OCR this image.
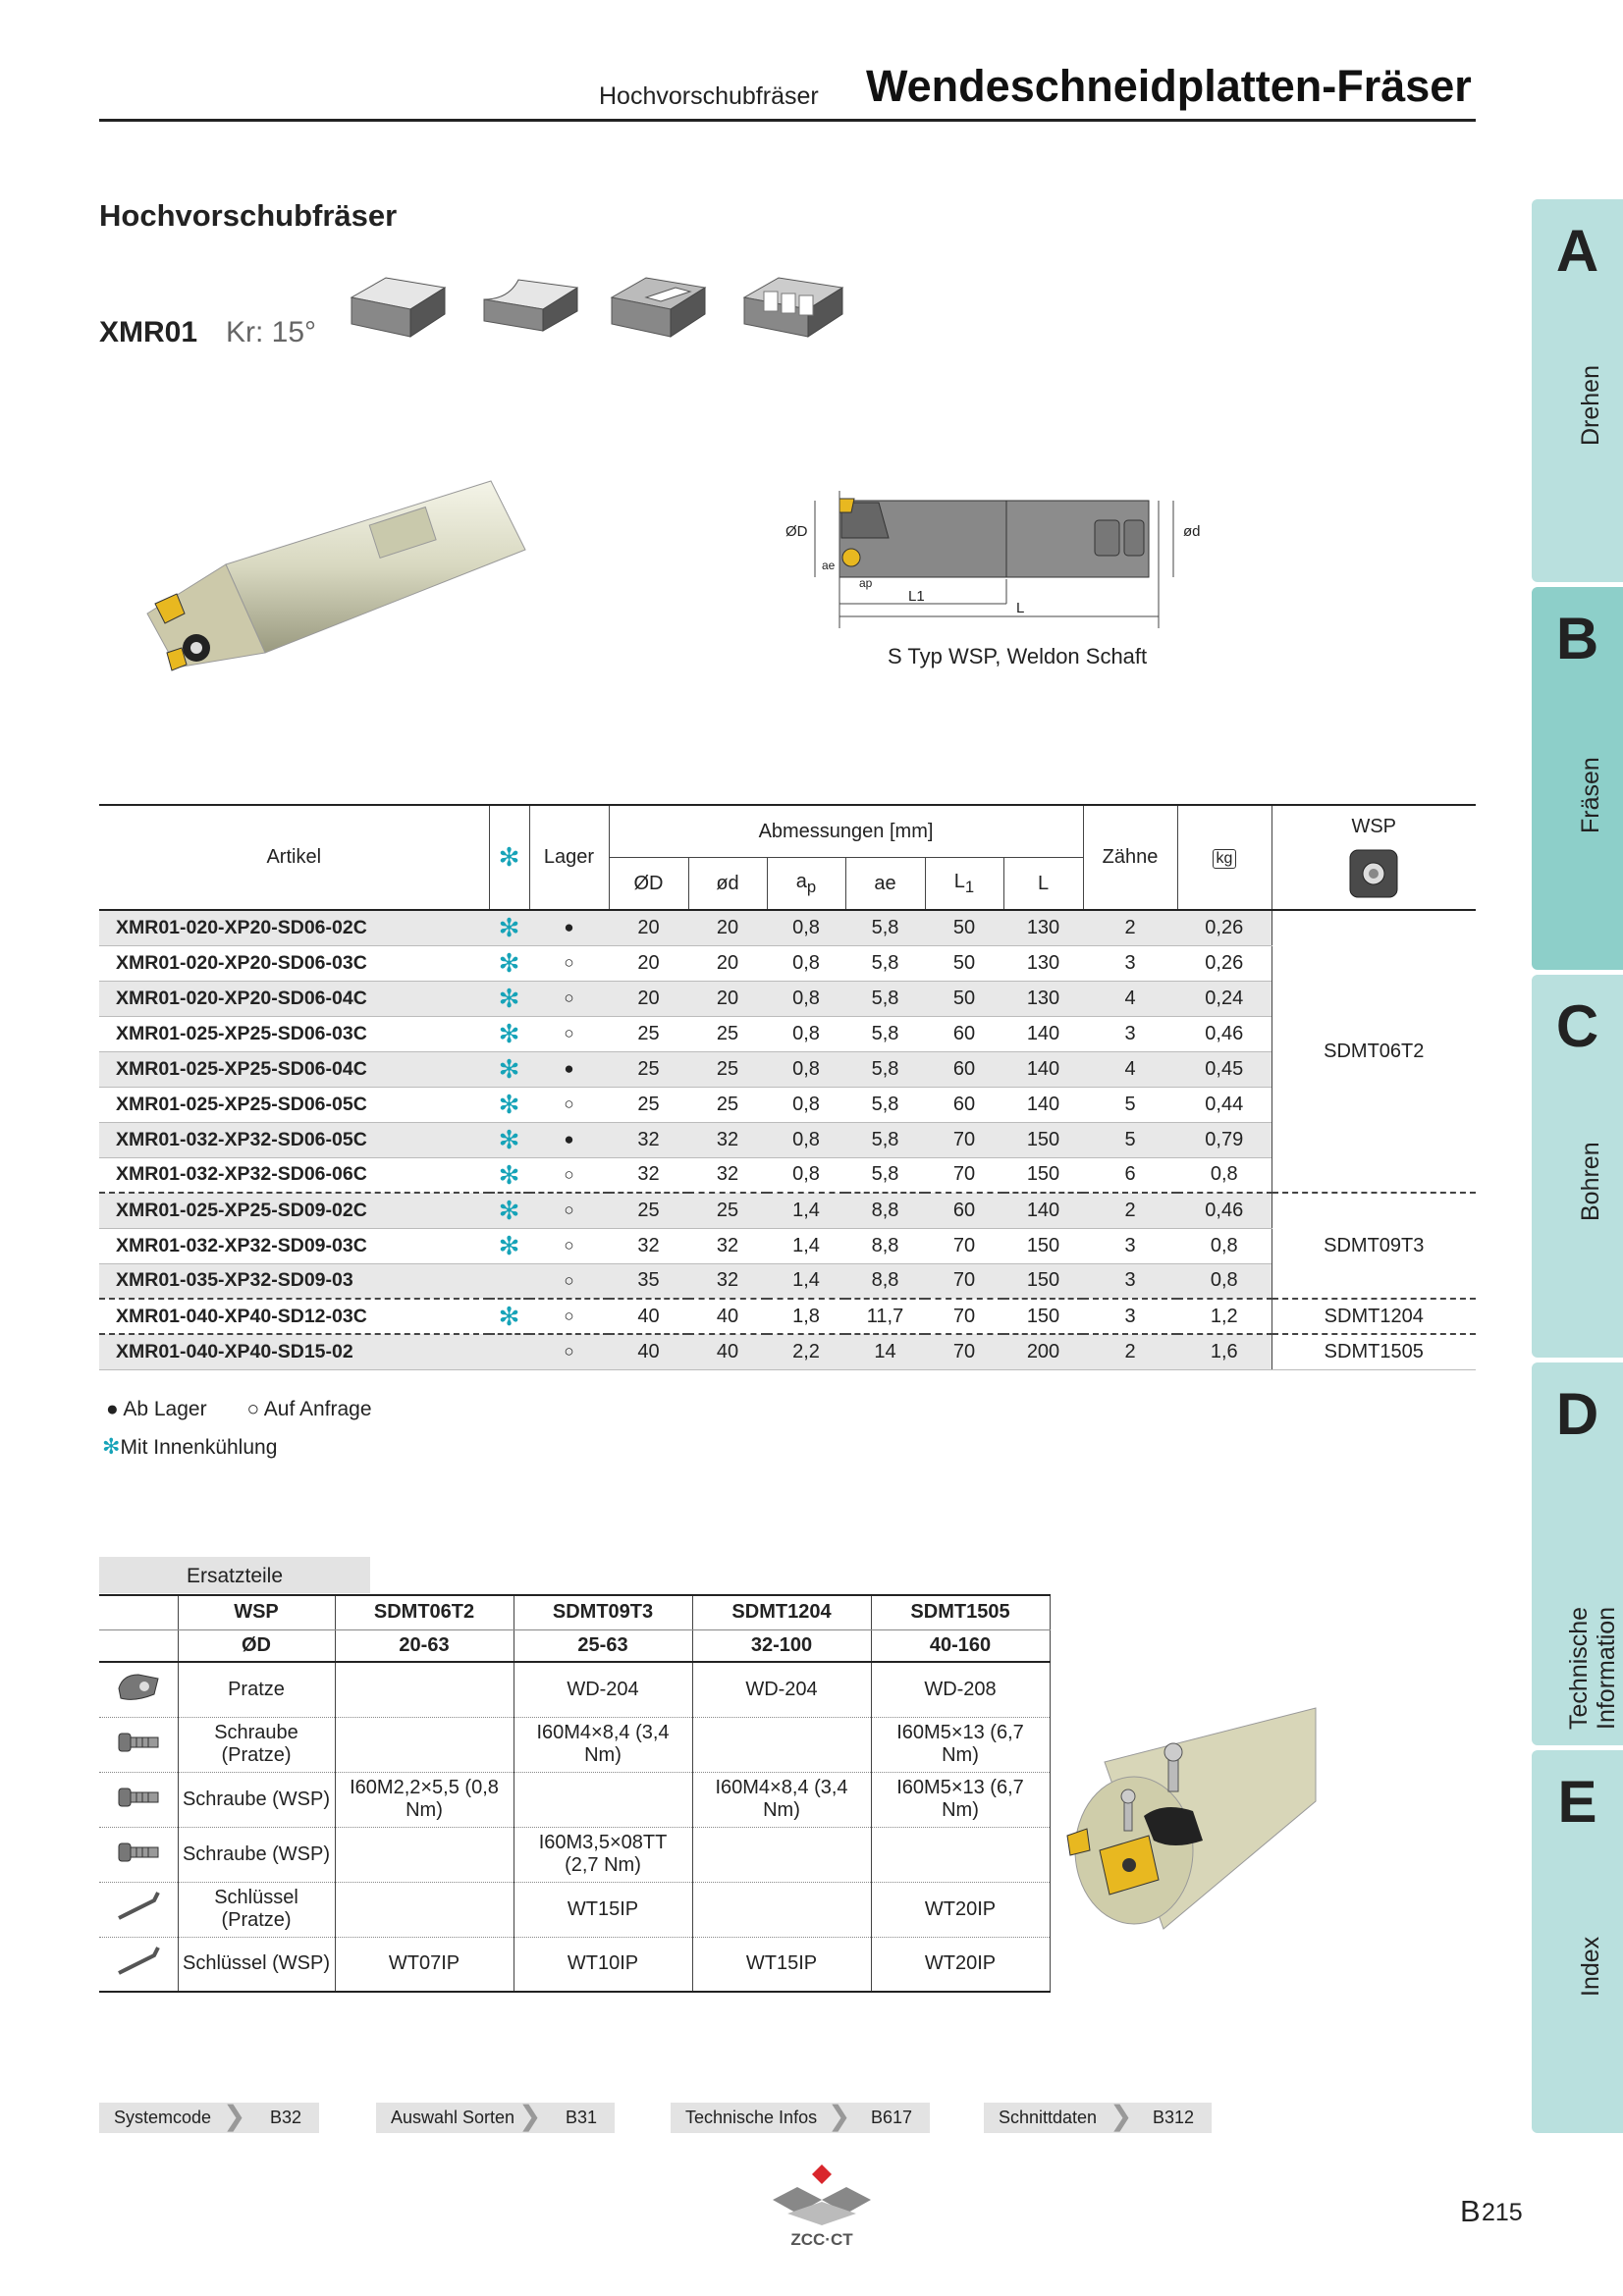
Hochvorschubfräser Wendeschneidplatten-Fräser
Hochvorschubfräser
XMR01 Kr: 15°
ØD	ød
ae
ap
L1
L
S Typ WSP, Weldon Schaft
A
Drehen
B
Fräsen
C
Bohren
D
Technische Information
E
Index
Artikel	✻	Lager	Abmessungen [mm]						Zähne	kg	WSP

			ØD	ød	$a_p$	ae	$L_1$	L			
XMR01-020-XP20-SD06-02C	✻	●	20	20	0,8	5,8	50	130	2	0,26	SDMT06T2
XMR01-020-XP20-SD06-03C	✻	○	20	20	0,8	5,8	50	130	3	0,26	
XMR01-020-XP20-SD06-04C	✻	○	20	20	0,8	5,8	50	130	4	0,24	
XMR01-025-XP25-SD06-03C	✻	○	25	25	0,8	5,8	60	140	3	0,46	
XMR01-025-XP25-SD06-04C	✻	●	25	25	0,8	5,8	60	140	4	0,45	
XMR01-025-XP25-SD06-05C	✻	○	25	25	0,8	5,8	60	140	5	0,44	
XMR01-032-XP32-SD06-05C	✻	●	32	32	0,8	5,8	70	150	5	0,79	
XMR01-032-XP32-SD06-06C	✻	○	32	32	0,8	5,8	70	150	6	0,8	
XMR01-025-XP25-SD09-02C	✻	○	25	25	1,4	8,8	60	140	2	0,46	SDMT09T3
XMR01-032-XP32-SD09-03C	✻	○	32	32	1,4	8,8	70	150	3	0,8	
XMR01-035-XP32-SD09-03		○	35	32	1,4	8,8	70	150	3	0,8	
XMR01-040-XP40-SD12-03C	✻	○	40	40	1,8	11,7	70	150	3	1,2	SDMT1204
XMR01-040-XP40-SD15-02		○	40	40	2,2	14	70	200	2	1,6	SDMT1505
● Ab Lager ○ Auf Anfrage
✻Mit Innenkühlung
Ersatzteile
	WSP	SDMT06T2	SDMT09T3	SDMT1204	SDMT1505	
	ØD	20-63	25-63	32-100	40-160	
	Pratze		WD-204	WD-204	WD-208	
	Schraube (Pratze)		I60M4×8,4 (3,4 Nm)		I60M5×13 (6,7 Nm)	
	Schraube (WSP)	I60M2,2×5,5 (0,8 Nm)		I60M4×8,4 (3,4 Nm)	I60M5×13 (6,7 Nm)	
	Schraube (WSP)		I60M3,5×08TT (2,7 Nm)			
	Schlüssel (Pratze)		WT15IP		WT20IP	
	Schlüssel (WSP)	WT07IP	WT10IP	WT15IP	WT20IP	
Systemcode ❯ B32	Auswahl Sorten ❯ B31	Technische Infos ❯ B617	Schnittdaten ❯ B312
ZCC·CT
B 215
